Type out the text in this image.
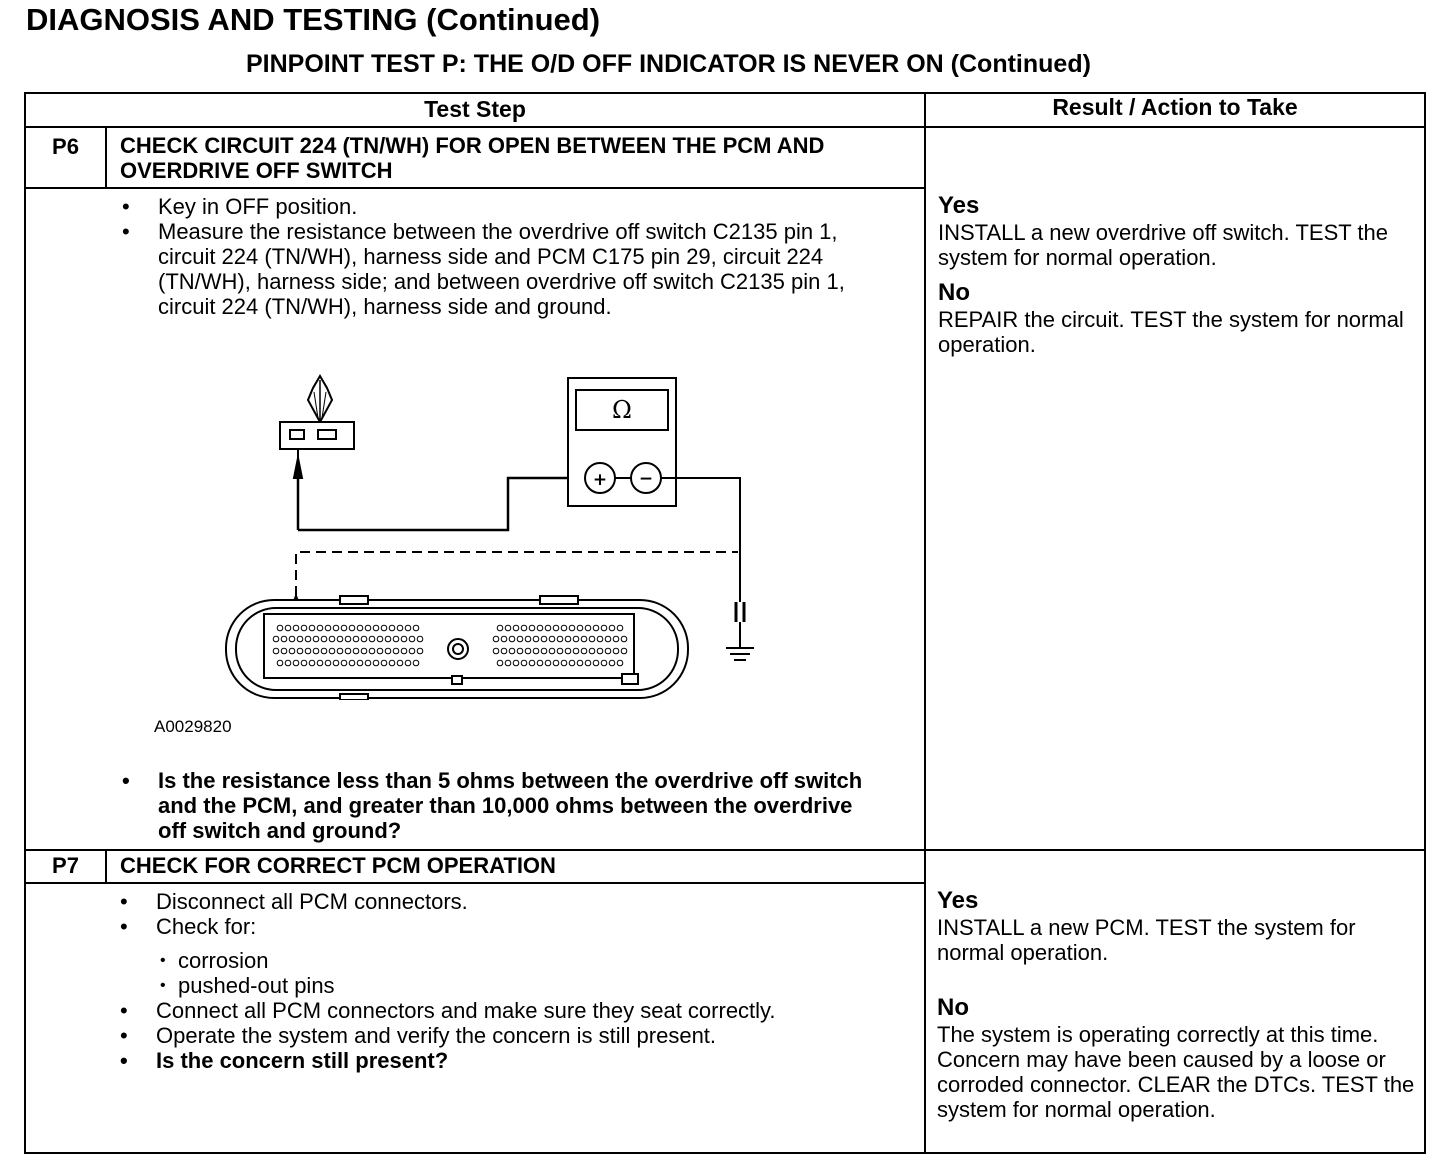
DIAGNOSIS AND TESTING (Continued)
PINPOINT TEST P: THE O/D OFF INDICATOR IS NEVER ON (Continued)
Test Step	Result / Action to Take
P6	CHECK CIRCUIT 224 (TN/WH) FOR OPEN BETWEEN THE PCM AND OVERDRIVE OFF SWITCH
• Key in OFF position.
• Measure the resistance between the overdrive off switch C2135 pin 1, circuit 224 (TN/WH), harness side and PCM C175 pin 29, circuit 224 (TN/WH), harness side; and between overdrive off switch C2135 pin 1, circuit 224 (TN/WH), harness side and ground.
Ω
+ −
A0029820
• Is the resistance less than 5 ohms between the overdrive off switch and the PCM, and greater than 10,000 ohms between the overdrive off switch and ground?
Yes
INSTALL a new overdrive off switch. TEST the system for normal operation.
No
REPAIR the circuit. TEST the system for normal operation.
P7	CHECK FOR CORRECT PCM OPERATION
• Disconnect all PCM connectors.
• Check for:
• corrosion
• pushed-out pins
• Connect all PCM connectors and make sure they seat correctly.
• Operate the system and verify the concern is still present.
• Is the concern still present?
Yes
INSTALL a new PCM. TEST the system for normal operation.
No
The system is operating correctly at this time. Concern may have been caused by a loose or corroded connector. CLEAR the DTCs. TEST the system for normal operation.
